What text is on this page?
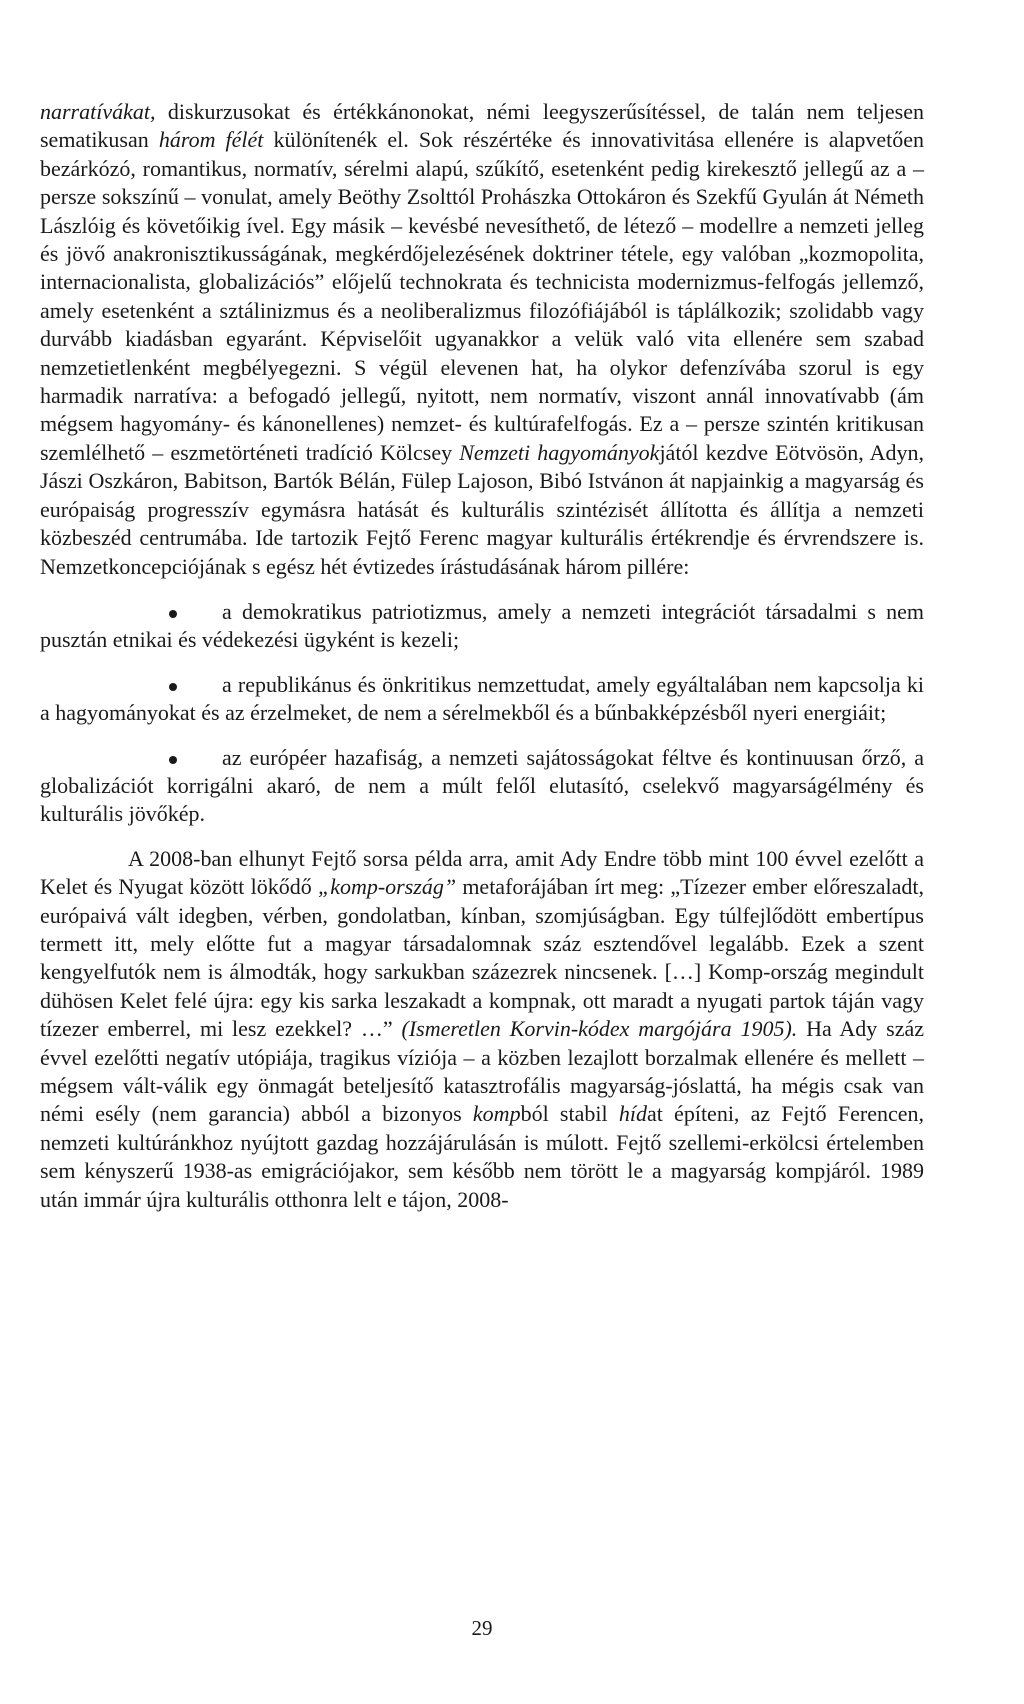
narratívákat, diskurzusokat és értékkánonokat, némi leegyszerűsítéssel, de talán nem teljesen sematikusan három félét különítenék el. Sok részértéke és innovativitása ellenére is alapvetően bezárkózó, romantikus, normatív, sérelmi alapú, szűkítő, esetenként pedig kirekesztő jellegű az a – persze sokszínű – vonulat, amely Beöthy Zsolttól Prohászka Ottokáron és Szekfű Gyulán át Németh Lászlóig és követőikig ível. Egy másik – kevésbé nevesíthető, de létező – modellre a nemzeti jelleg és jövő anakronisztikusságának, megkérdőjelezésének doktriner tétele, egy valóban „kozmopolita, internacionalista, globalizációs” előjelű technokrata és technicista modernizmus-felfogás jellemző, amely esetenként a sztálinizmus és a neoliberalizmus filozófiájából is táplálkozik; szolidabb vagy durvább kiadásban egyaránt. Képviselőit ugyanakkor a velük való vita ellenére sem szabad nemzetietlenként megbélyegezni. S végül elevenen hat, ha olykor defenzívába szorul is egy harmadik narratíva: a befogadó jellegű, nyitott, nem normatív, viszont annál innovatívabb (ám mégsem hagyomány- és kánonellenes) nemzet- és kultúrafelfogás. Ez a – persze szintén kritikusan szemlélhető – eszmetörténeti tradíció Kölcsey Nemzeti hagyományokjától kezdve Eötvösön, Adyn, Jászi Oszkáron, Babitson, Bartók Bélán, Fülep Lajoson, Bibó Istvánon át napjainkig a magyarság és európaiság progresszív egymásra hatását és kulturális szintézisét állította és állítja a nemzeti közbeszéd centrumába. Ide tartozik Fejtő Ferenc magyar kulturális értékrendje és érvrendszere is. Nemzetkoncepciójának s egész hét évtizedes írástudásának három pillére:

a demokratikus patriotizmus, amely a nemzeti integrációt társadalmi s nem pusztán etnikai és védekezési ügyként is kezeli;
a republikánus és önkritikus nemzettudat, amely egyáltalában nem kapcsolja ki a hagyományokat és az érzelmeket, de nem a sérelmekből és a bűnbakképzésből nyeri energiáit;
az európéer hazafiság, a nemzeti sajátosságokat féltve és kontinuusan őrző, a globalizációt korrigálni akaró, de nem a múlt felől elutasító, cselekvő magyarságélmény és kulturális jövőkép.

A 2008-ban elhunyt Fejtő sorsa példa arra, amit Ady Endre több mint 100 évvel ezelőtt a Kelet és Nyugat között lökődő „komp-ország” metaforájában írt meg: „Tízezer ember előreszaladt, európaivá vált idegben, vérben, gondolatban, kínban, szomjúságban. Egy túlfejlődött embertípus termett itt, mely előtte fut a magyar társadalomnak száz esztendővel legalább. Ezek a szent kengyelfutók nem is álmodták, hogy sarkukban százezrek nincsenek. […] Komp-ország megindult dühösen Kelet felé újra: egy kis sarka leszakadt a kompnak, ott maradt a nyugati partok táján vagy tízezer emberrel, mi lesz ezekkel? …” (Ismeretlen Korvin-kódex margójára 1905). Ha Ady száz évvel ezelőtti negatív utópiája, tragikus víziója – a közben lezajlott borzalmak ellenére és mellett – mégsem vált-válik egy önmagát beteljesítő katasztrofális magyarság-jóslattá, ha mégis csak van némi esély (nem garancia) abból a bizonyos kompból stabil hídat építeni, az Fejtő Ferencen, nemzeti kultúránkhoz nyújtott gazdag hozzájárulásán is múlott. Fejtő szellemi-erkölcsi értelemben sem kényszerű 1938-as emigrációjakor, sem később nem törött le a magyarság kompjáról. 1989 után immár újra kulturális otthonra lelt e tájon, 2008-

29
